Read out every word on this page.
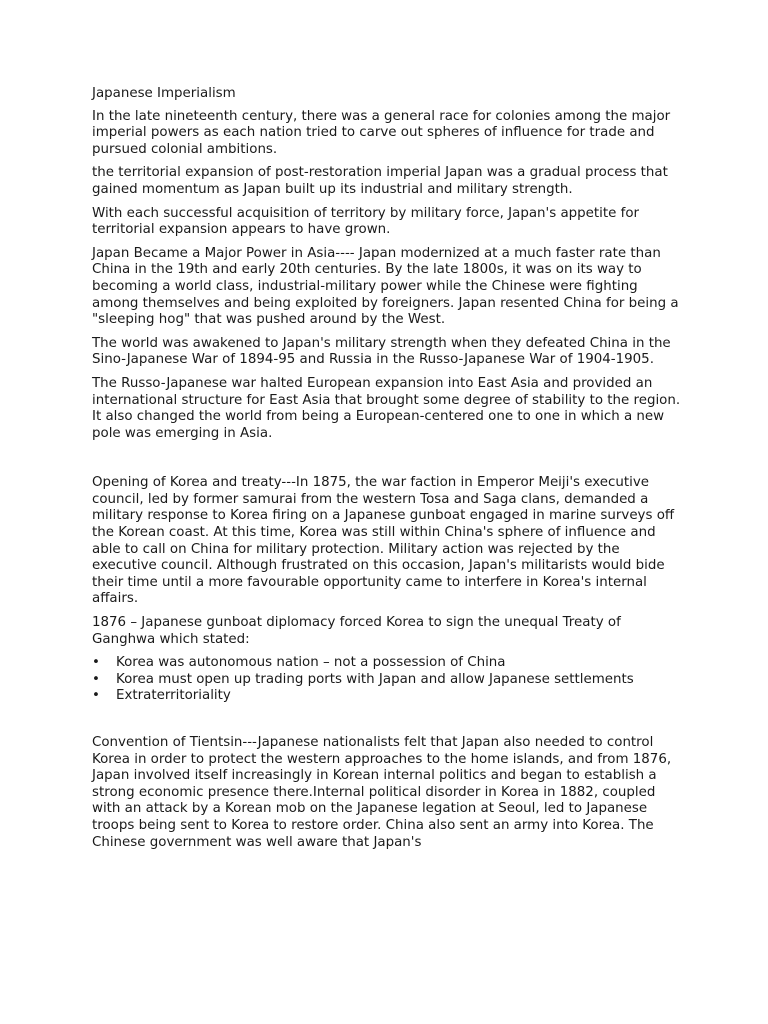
Japanese Imperialism

In the late nineteenth century, there was a general race for colonies among the major imperial powers as each nation tried to carve out spheres of influence for trade and pursued colonial ambitions.

the territorial expansion of post-restoration imperial Japan was a gradual process that gained momentum as Japan built up its industrial and military strength.

With each successful acquisition of territory by military force, Japan's appetite for territorial expansion appears to have grown.

Japan Became a Major Power in Asia---- Japan modernized at a much faster rate than China in the 19th and early 20th centuries. By the late 1800s, it was on its way to becoming a world class, industrial-military power while the Chinese were fighting among themselves and being exploited by foreigners. Japan resented China for being a "sleeping hog" that was pushed around by the West.

The world was awakened to Japan's military strength when they defeated China in the Sino-Japanese War of 1894-95 and Russia in the Russo-Japanese War of 1904-1905.

The Russo-Japanese war halted European expansion into East Asia and provided an international structure for East Asia that brought some degree of stability to the region. It also changed the world from being a European-centered one to one in which a new pole was emerging in Asia.

Opening of Korea and treaty---In 1875, the war faction in Emperor Meiji's executive council, led by former samurai from the western Tosa and Saga clans, demanded a military response to Korea firing on a Japanese gunboat engaged in marine surveys off the Korean coast. At this time, Korea was still within China's sphere of influence and able to call on China for military protection. Military action was rejected by the executive council. Although frustrated on this occasion, Japan's militarists would bide their time until a more favourable opportunity came to interfere in Korea's internal affairs.

1876 – Japanese gunboat diplomacy forced Korea to sign the unequal Treaty of Ganghwa which stated:

• Korea was autonomous nation – not a possession of China
• Korea must open up trading ports with Japan and allow Japanese settlements
• Extraterritoriality

Convention of Tientsin---Japanese nationalists felt that Japan also needed to control Korea in order to protect the western approaches to the home islands, and from 1876, Japan involved itself increasingly in Korean internal politics and began to establish a strong economic presence there.Internal political disorder in Korea in 1882, coupled with an attack by a Korean mob on the Japanese legation at Seoul, led to Japanese troops being sent to Korea to restore order. China also sent an army into Korea. The Chinese government was well aware that Japan's
